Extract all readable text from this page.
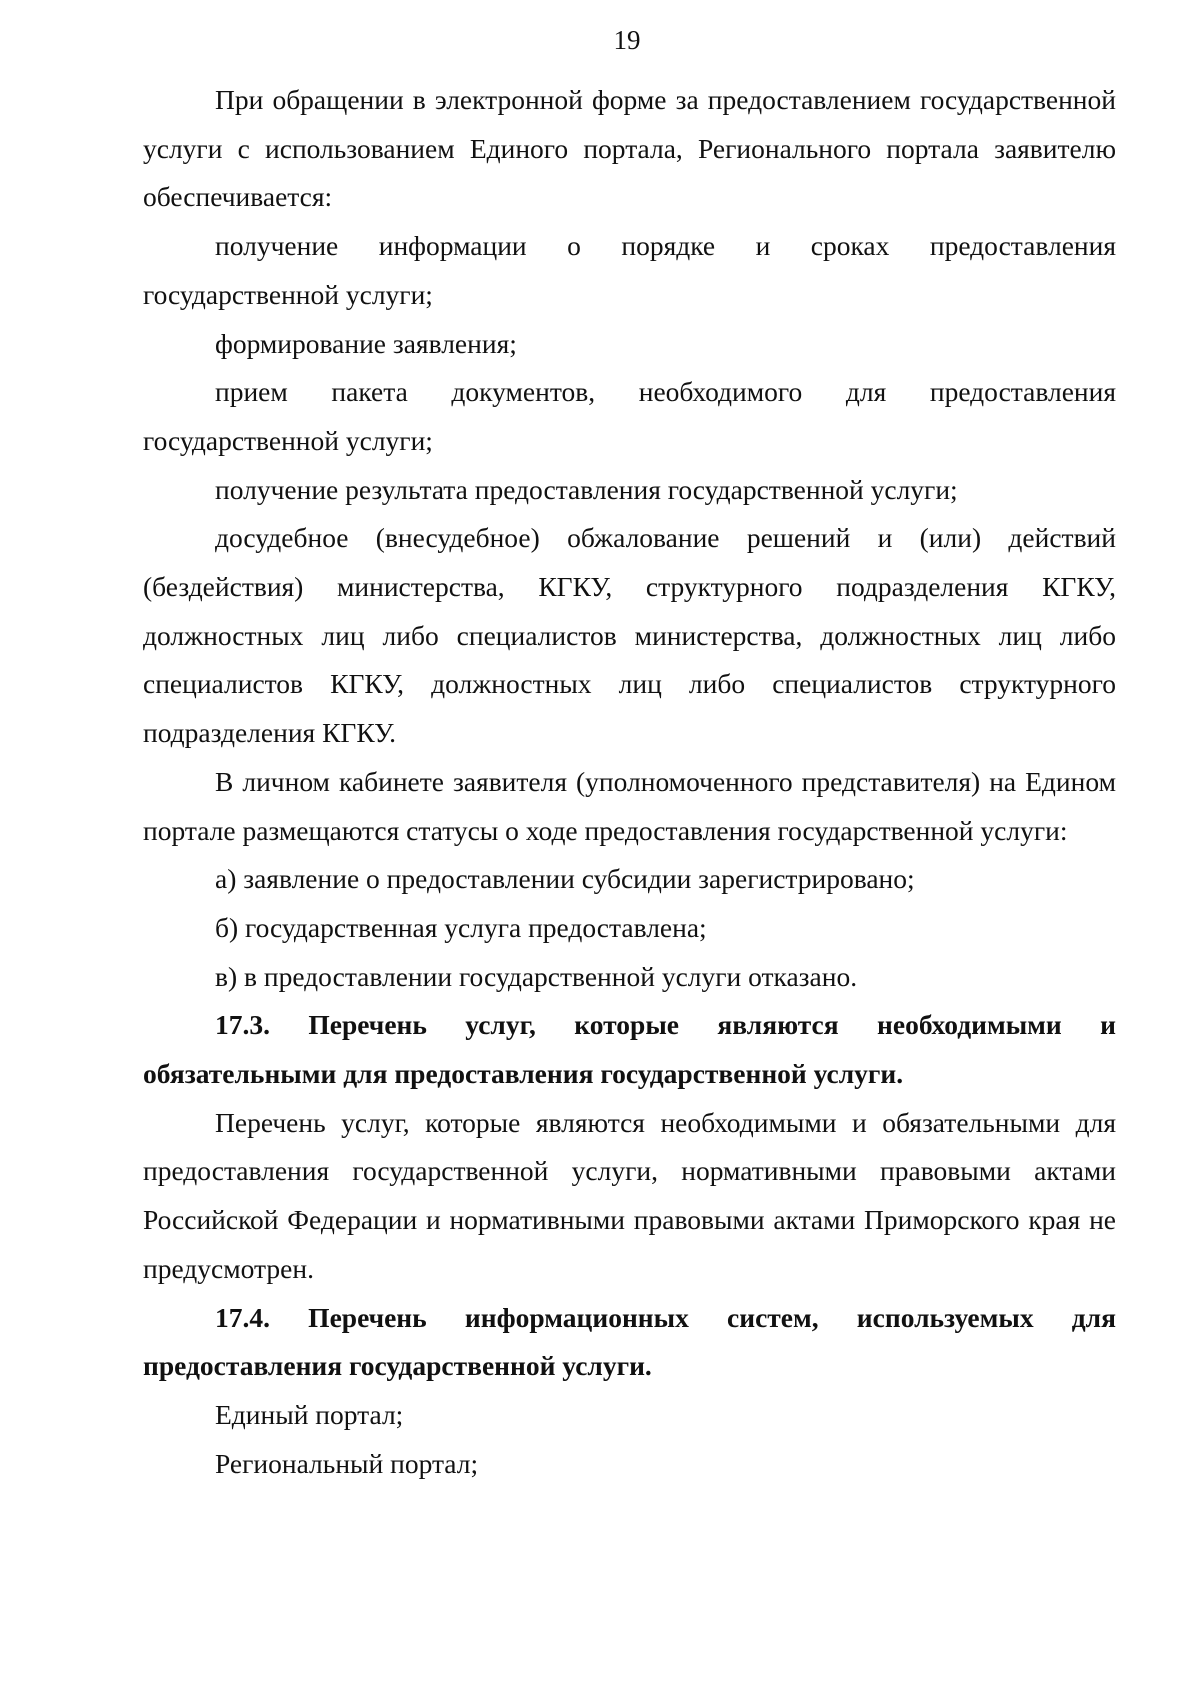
19

При обращении в электронной форме за предоставлением государственной услуги с использованием Единого портала, Регионального портала заявителю обеспечивается:

получение информации о порядке и сроках предоставления государственной услуги;

формирование заявления;

прием пакета документов, необходимого для предоставления государственной услуги;

получение результата предоставления государственной услуги;

досудебное (внесудебное) обжалование решений и (или) действий (бездействия) министерства, КГКУ, структурного подразделения КГКУ, должностных лиц либо специалистов министерства, должностных лиц либо специалистов КГКУ, должностных лиц либо специалистов структурного подразделения КГКУ.

В личном кабинете заявителя (уполномоченного представителя) на Едином портале размещаются статусы о ходе предоставления государственной услуги:

а) заявление о предоставлении субсидии зарегистрировано;

б) государственная услуга предоставлена;

в) в предоставлении государственной услуги отказано.

17.3. Перечень услуг, которые являются необходимыми и обязательными для предоставления государственной услуги.

Перечень услуг, которые являются необходимыми и обязательными для предоставления государственной услуги, нормативными правовыми актами Российской Федерации и нормативными правовыми актами Приморского края не предусмотрен.

17.4. Перечень информационных систем, используемых для предоставления государственной услуги.

Единый портал;

Региональный портал;
